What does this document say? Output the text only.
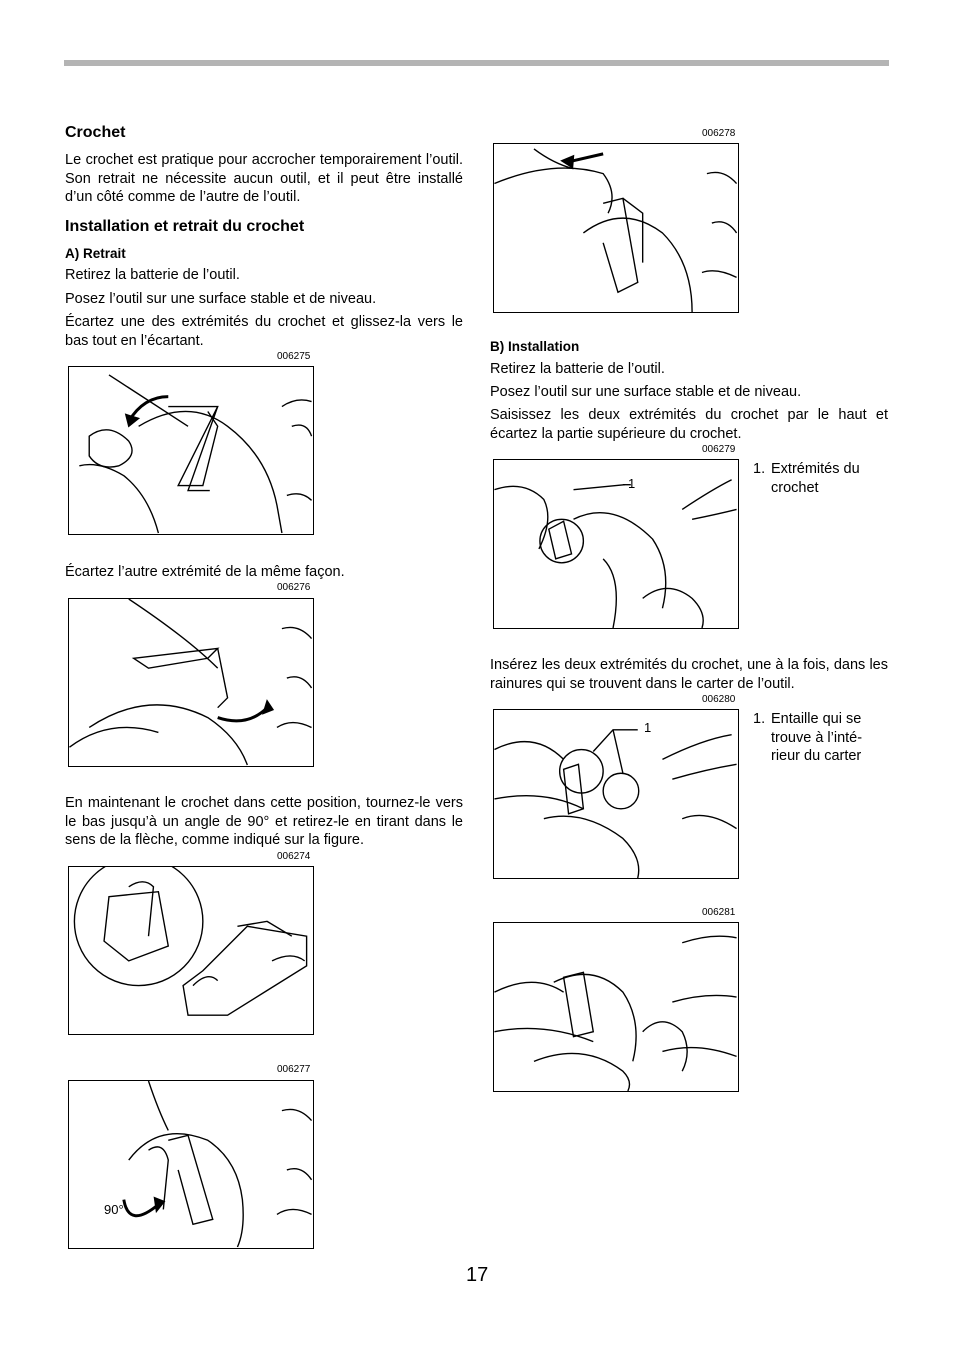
Crochet

Le crochet est pratique pour accrocher temporairement l’outil. Son retrait ne nécessite aucun outil, et il peut être installé d’un côté comme de l’autre de l’outil.

Installation et retrait du crochet
A) Retrait

Retirez la batterie de l’outil.

Posez l’outil sur une surface stable et de niveau.

Écartez une des extrémités du crochet et glissez-la vers le bas tout en l’écartant.

006275

Écartez l’autre extrémité de la même façon.

006276

En maintenant le crochet dans cette position, tournez-le vers le bas jusqu’à un angle de 90° et retirez-le en tirant dans le sens de la flèche, comme indiqué sur la figure.

006274
006277
90°
006278
B) Installation

Retirez la batterie de l’outil.

Posez l’outil sur une surface stable et de niveau.

Saisissez les deux extrémités du crochet par le haut et écartez la partie supérieure du crochet.

006279
1
1. Extrémités du crochet

Insérez les deux extrémités du crochet, une à la fois, dans les rainures qui se trouvent dans le carter de l’outil.

006280
1
1. Entaille qui se trouve à l’inté-rieur du carter
006281
17
